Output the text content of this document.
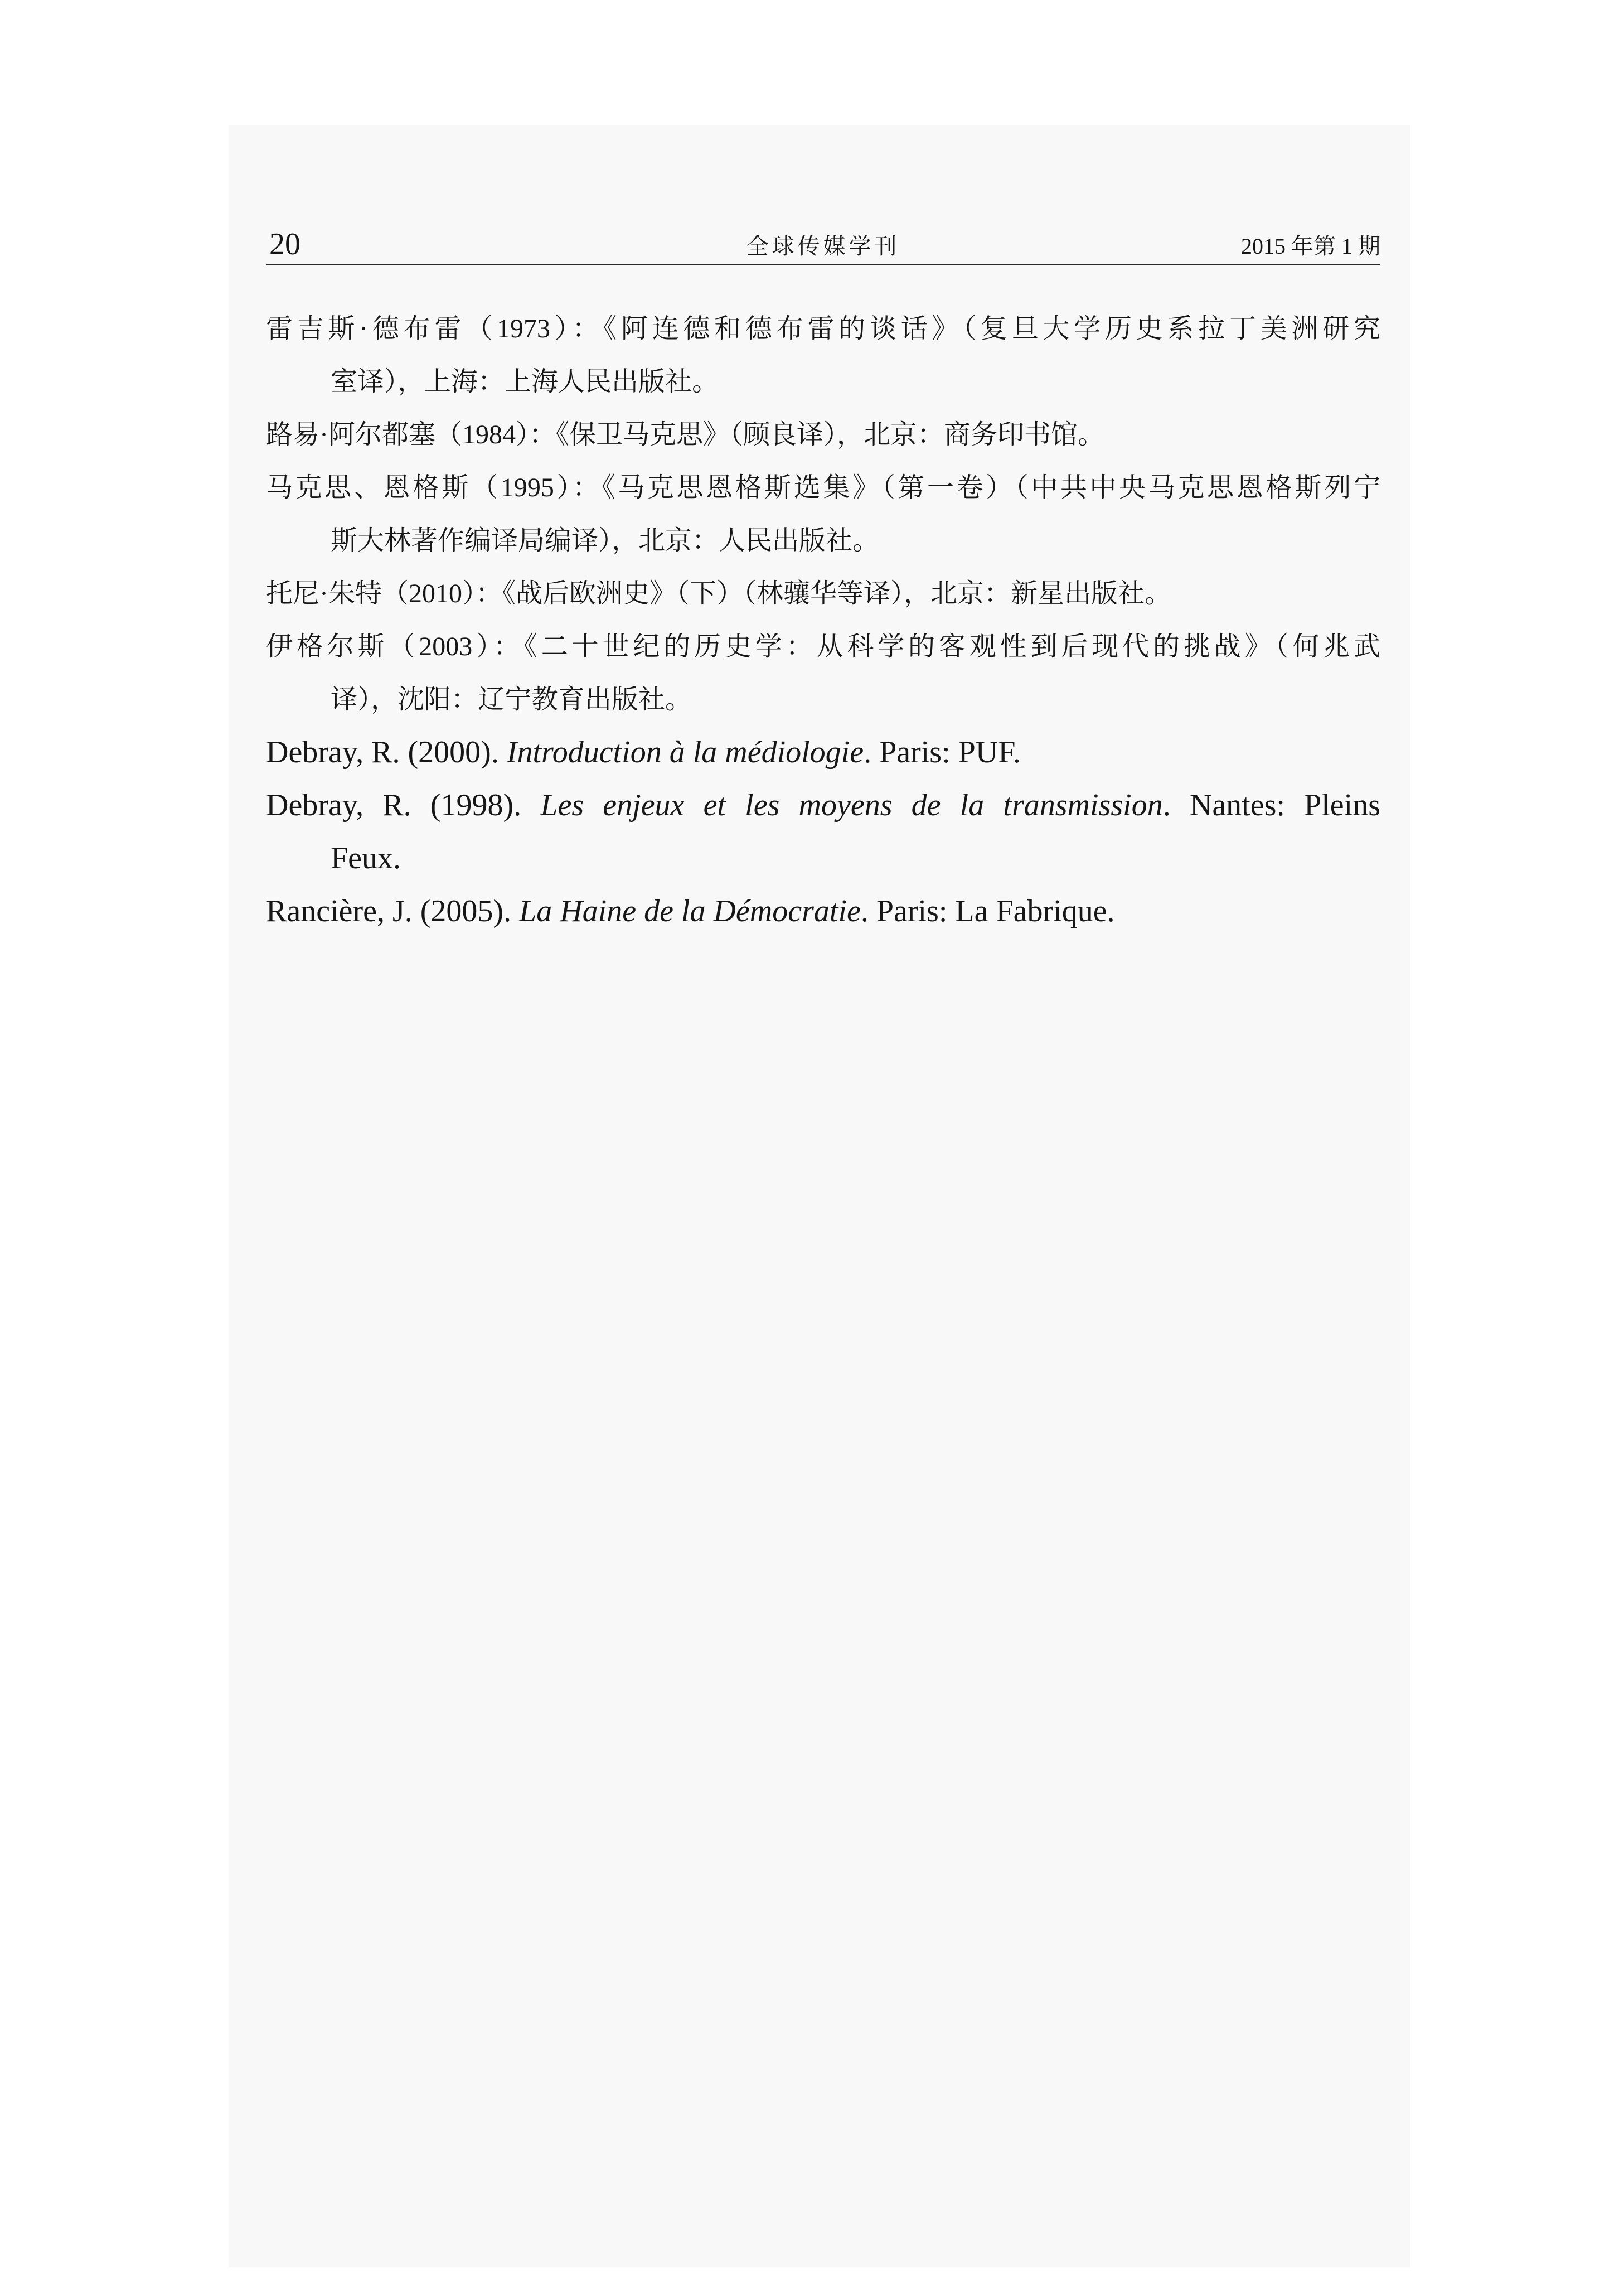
20	全球传媒学刊	2015 年第 1 期
雷吉斯·德布雷（1973）：《阿连德和德布雷的谈话》（复旦大学历史系拉丁美洲研究
室译），上海：上海人民出版社。
路易·阿尔都塞（1984）：《保卫马克思》（顾良译），北京：商务印书馆。
马克思、恩格斯（1995）：《马克思恩格斯选集》（第一卷）（中共中央马克思恩格斯列宁
斯大林著作编译局编译），北京：人民出版社。
托尼·朱特（2010）：《战后欧洲史》（下）（林骧华等译），北京：新星出版社。
伊格尔斯（2003）：《二十世纪的历史学：从科学的客观性到后现代的挑战》（何兆武
译），沈阳：辽宁教育出版社。
Debray, R. (2000). Introduction à la médiologie. Paris: PUF.
Debray, R. (1998). Les enjeux et les moyens de la transmission. Nantes: Pleins
Feux.
Rancière, J. (2005). La Haine de la Démocratie. Paris: La Fabrique.
